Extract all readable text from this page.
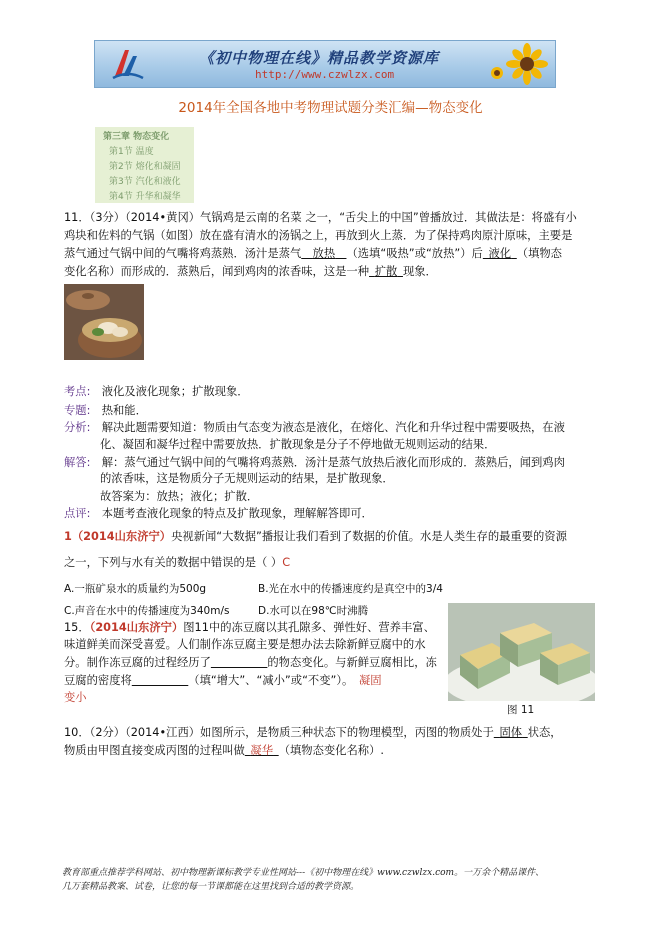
《初中物理在线》精品教学资源库
http://www.czwlzx.com
2014年全国各地中考物理试题分类汇编—物态变化
第三章 物态变化
第1节 温度
第2节 熔化和凝固
第3节 汽化和液化
第4节 升华和凝华
11．（3分）（2014•黄冈）气锅鸡是云南的名菜 之一，“舌尖上的中国”曾播放过．其做法是：将盛有小
鸡块和佐料的气锅（如图）放在盛有清水的汤锅之上，再放到火上蒸．为了保持鸡肉原汁原味，主要是
蒸气通过气锅中间的气嘴将鸡蒸熟．汤汁是蒸气   放热   （选填“吸热”或“放热”）后  液化  （填物态
变化名称）而形成的．蒸熟后，闻到鸡肉的浓香味，这是一种  扩散  现象．
考点:  液化及液化现象；扩散现象．
专题:  热和能．
分析:  解决此题需要知道：物质由气态变为液态是液化，在熔化、汽化和升华过程中需要吸热，在液
化、凝固和凝华过程中需要放热．扩散现象是分子不停地做无规则运动的结果．
解答:  解：蒸气通过气锅中间的气嘴将鸡蒸熟．汤汁是蒸气放热后液化而形成的．蒸熟后，闻到鸡肉
的浓香味，这是物质分子无规则运动的结果，是扩散现象．
故答案为：放热；液化；扩散．
点评:  本题考查液化现象的特点及扩散现象，理解解答即可．
1（2014山东济宁）央视新闻“大数据”播报让我们看到了数据的价值。水是人类生存的最重要的资源
之一，下列与水有关的数据中错误的是（ ）C
A.一瓶矿泉水的质量约为500g	B.光在水中的传播速度约是真空中的3/4
C.声音在水中的传播速度为340m/s	D.水可以在98℃时沸腾
15．（2014山东济宁）图11中的冻豆腐以其孔隙多、弹性好、营养丰富、
味道鲜美而深受喜爱。人们制作冻豆腐主要是想办法去除新鲜豆腐中的水
分。制作冻豆腐的过程经历了     	的物态变化。与新鲜豆腐相比，冻
豆腐的密度将     	（填“增大”、“减小”或“不变”）。  凝固
变小
图 11
10．（2分）（2014•江西）如图所示，是物质三种状态下的物理模型，丙图的物质处于  固体  状态，
物质由甲图直接变成丙图的过程叫做  凝华  （填物态变化名称）.
教育部重点推荐学科网站、初中物理新课标教学专业性网站---《初中物理在线》www.czwlzx.com。一万余个精品课件、
几万套精品教案、试卷，让您的每一节课都能在这里找到合适的教学资源。
